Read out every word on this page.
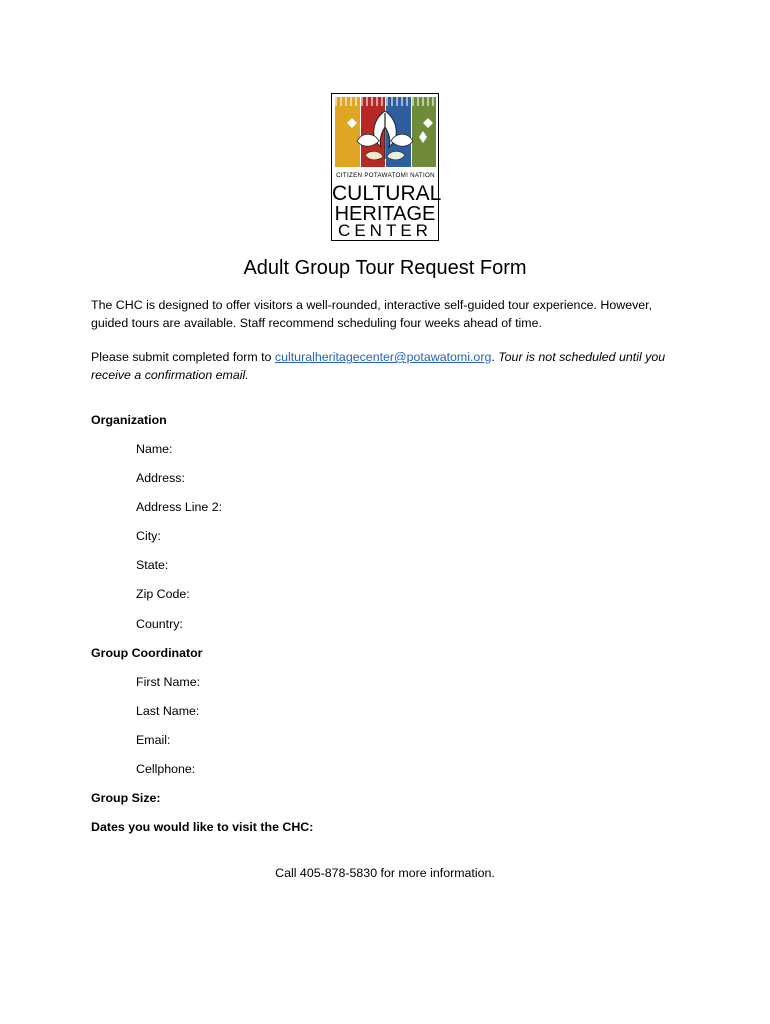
CITIZEN POTAWATOMI NATION
CULTURAL
HERITAGE
CENTER
Adult Group Tour Request Form
The CHC is designed to offer visitors a well-rounded, interactive self-guided tour experience. However, guided tours are available. Staff recommend scheduling four weeks ahead of time.
Please submit completed form to culturalheritagecenter@potawatomi.org. Tour is not scheduled until you receive a confirmation email.
Organization
Name:
Address:
Address Line 2:
City:
State:
Zip Code:
Country:
Group Coordinator
First Name:
Last Name:
Email:
Cellphone:
Group Size:
Dates you would like to visit the CHC:
Call 405-878-5830 for more information.
